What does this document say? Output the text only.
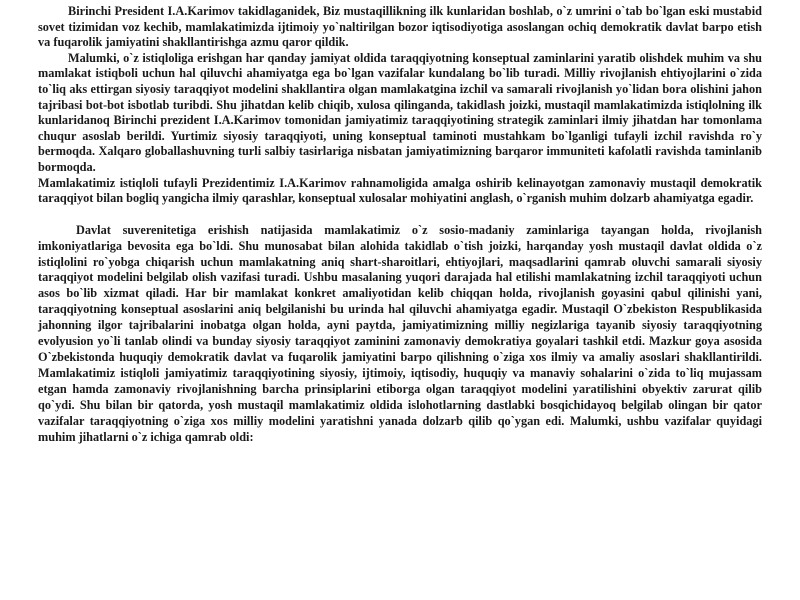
Birinchi President I.A.Karimov takidlaganidek, Biz mustaqillikning ilk kunlaridan boshlab, o`z umrini o`tab bo`lgan eski mustabid sovet tizimidan voz kechib, mamlakatimizda ijtimoiy yo`naltirilgan bozor iqtisodiyotiga asoslangan ochiq demokratik davlat barpo etish va fuqarolik jamiyatini shakllantirishga azmu qaror qildik.

Malumki, o`z istiqloliga erishgan har qanday jamiyat oldida taraqqiyotning konseptual zaminlarini yaratib olishdek muhim va shu mamlakat istiqboli uchun hal qiluvchi ahamiyatga ega bo`lgan vazifalar kundalang bo`lib turadi. Milliy rivojlanish ehtiyojlarini o`zida to`liq aks ettirgan siyosiy taraqqiyot modelini shakllantira olgan mamlakatgina izchil va samarali rivojlanish yo`lidan bora olishini jahon tajribasi bot-bot isbotlab turibdi. Shu jihatdan kelib chiqib, xulosa qilinganda, takidlash joizki, mustaqil mamlakatimizda istiqlolning ilk kunlaridanoq Birinchi prezident I.A.Karimov tomonidan jamiyatimiz taraqqiyotining strategik zaminlari ilmiy jihatdan har tomonlama chuqur asoslab berildi. Yurtimiz siyosiy taraqqiyoti, uning konseptual taminoti mustahkam bo`lganligi tufayli izchil ravishda ro`y bermoqda. Xalqaro globallashuvning turli salbiy tasirlariga nisbatan jamiyatimizning barqaror immuniteti kafolatli ravishda taminlanib bormoqda.

Mamlakatimiz istiqloli tufayli Prezidentimiz I.A.Karimov rahnamoligida amalga oshirib kelinayotgan zamonaviy mustaqil demokratik taraqqiyot bilan bogliq yangicha ilmiy qarashlar, konseptual xulosalar mohiyatini anglash, o`rganish muhim dolzarb ahamiyatga egadir.

Davlat suverenitetiga erishish natijasida mamlakatimiz o`z sosio-madaniy zaminlariga tayangan holda, rivojlanish imkoniyatlariga bevosita ega bo`ldi. Shu munosabat bilan alohida takidlab o`tish joizki, harqanday yosh mustaqil davlat oldida o`z istiqlolini ro`yobga chiqarish uchun mamlakatning aniq shart-sharoitlari, ehtiyojlari, maqsadlarini qamrab oluvchi samarali siyosiy taraqqiyot modelini belgilab olish vazifasi turadi. Ushbu masalaning yuqori darajada hal etilishi mamlakatning izchil taraqqiyoti uchun asos bo`lib xizmat qiladi. Har bir mamlakat konkret amaliyotidan kelib chiqqan holda, rivojlanish goyasini qabul qilinishi yani, taraqqiyotning konseptual asoslarini aniq belgilanishi bu urinda hal qiluvchi ahamiyatga egadir. Mustaqil O`zbekiston Respublikasida jahonning ilgor tajribalarini inobatga olgan holda, ayni paytda, jamiyatimizning milliy negizlariga tayanib siyosiy taraqqiyotning evolyusion yo`li tanlab olindi va bunday siyosiy taraqqiyot zaminini zamonaviy demokratiya goyalari tashkil etdi. Mazkur goya asosida O`zbekistonda huquqiy demokratik davlat va fuqarolik jamiyatini barpo qilishning o`ziga xos ilmiy va amaliy asoslari shakllantirildi. Mamlakatimiz istiqloli jamiyatimiz taraqqiyotining siyosiy, ijtimoiy, iqtisodiy, huquqiy va manaviy sohalarini o`zida to`liq mujassam etgan hamda zamonaviy rivojlanishning barcha prinsiplarini etiborga olgan taraqqiyot modelini yaratilishini obyektiv zarurat qilib qo`ydi. Shu bilan bir qatorda, yosh mustaqil mamlakatimiz oldida islohotlarning dastlabki bosqichidayoq belgilab olingan bir qator vazifalar taraqqiyotning o`ziga xos milliy modelini yaratishni yanada dolzarb qilib qo`ygan edi. Malumki, ushbu vazifalar quyidagi muhim jihatlarni o`z ichiga qamrab oldi:
